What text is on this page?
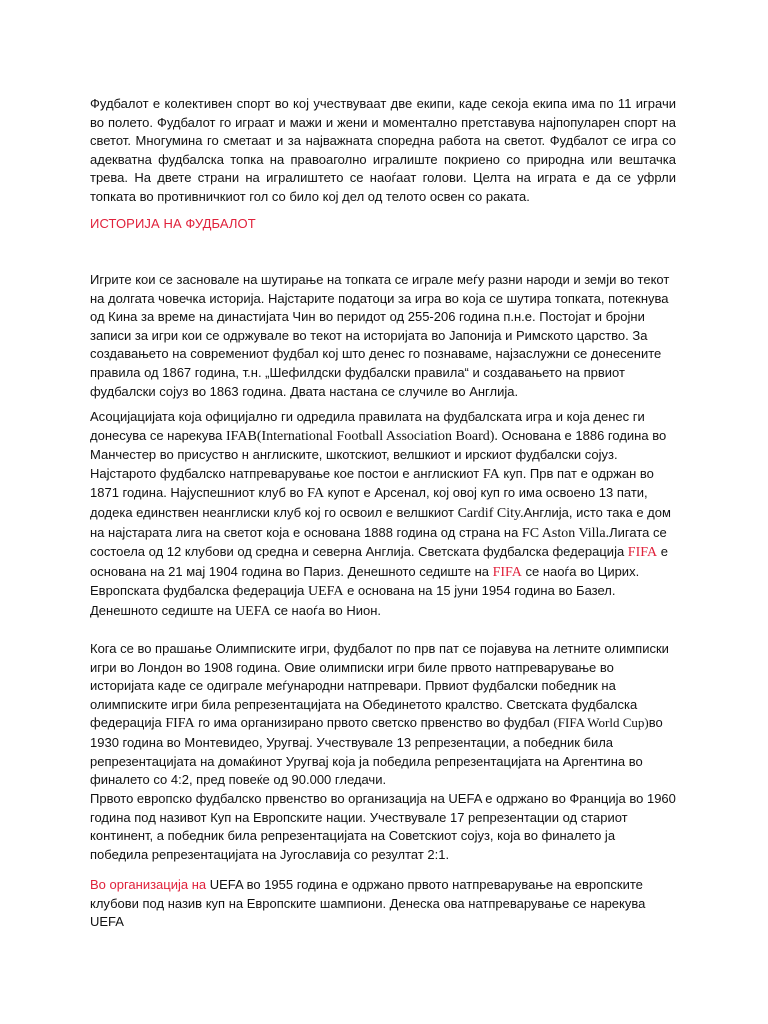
Фудбалот е колективен спорт во кој учествуваат две екипи, каде секоја екипа има по 11 играчи во полето. Фудбалот го играат и мажи и жени и моментално претставува најпопуларен спорт на светот. Многумина го сметаат и за најважната споредна работа на светот. Фудбалот се игра со адекватна фудбалска топка на правоаголно игралиште покриено со природна или вештачка трева. На двете страни на игралиштето се наоѓаат голови. Целта на играта е да се уфрли топката во противничкиот гол со било кој дел од телото освен со раката.

ИСТОРИЈА НА ФУДБАЛОТ

Игрите кои се засновале на шутирање на топката се играле меѓу разни народи и земји во текот на долгата човечка историја. Најстарите податоци за игра во која се шутира топката, потекнува од Кина за време на династијата Чин во перидот од 255-206 година п.н.е. Постојат и бројни записи за игри кои се одржувале во текот на историјата во Јапонија и Римското царство. За создавањето на современиот фудбал кој што денес го познаваме, најзаслужни се донесените правила од 1867 година, т.н. „Шефилдски фудбалски правила“ и создавањето на првиот фудбалски сојуз во 1863 година. Двата настана се случиле во Англија.

Асоцијацијата која официјално ги одредила правилата на фудбалската игра и која денес ги донесува се нарекува IFAB(International Football Association Board). Основана е 1886 година во Манчестер во присуство н англиските, шкотскиот, велшкиот и ирскиот фудбалски сојуз. Најстарото фудбалско натпреварување кое постои е англискиот FA куп. Прв пат е одржан во 1871 година. Најуспешниот клуб во FA купот е Арсенал, кој овој куп го има освоено 13 пати, додека единствен неанглиски клуб кој го освоил е велшкиот Cardif City.Англија, исто така е дом на најстарата лига на светот која е основана 1888 година од страна на FC Aston Villa.Лигата се состоела од 12 клубови од средна и северна Англија. Светската фудбалска федерација FIFA е основана на 21 мај 1904 година во Париз. Денешното седиште на FIFA се наоѓа во Цирих. Европската фудбалска федерација UEFA е основана на 15 јуни 1954 година во Базел. Денешното седиште на UEFA се наоѓа во Нион.

Кога се во прашање Олимписките игри, фудбалот по прв пат се појавува на летните олимписки игри во Лондон во 1908 година. Овие олимписки игри биле првото натпреварување во историјата каде се одиграле меѓународни натпревари. Првиот фудбалски победник на олимписките игри била репрезентацијата на Обединетото кралство. Светската фудбалска федерација FIFA го има организирано првото светско првенство во фудбал (FIFA World Cup)во 1930 година во Монтевидео, Уругвај. Учествувале 13 репрезентации, а победник била репрезентацијата на домаќинот Уругвај која ја победила репрезентацијата на Аргентина во финалето со 4:2, пред повеќе од 90.000 гледачи.

Првото европско фудбалско првенство во организација на UEFA е одржано во Франција во 1960 година под називот Куп на Европските нации. Учествувале 17 репрезентации од стариот континент, а победник била репрезентацијата на Советскиот сојуз, која во финалето ја победила репрезентацијата на Југославија со резултат 2:1.

Во организација на UEFA во 1955 година е одржано првото натпреварување на европските клубови под назив куп на Европските шампиони. Денеска ова натпреварување се нарекува UEFA
